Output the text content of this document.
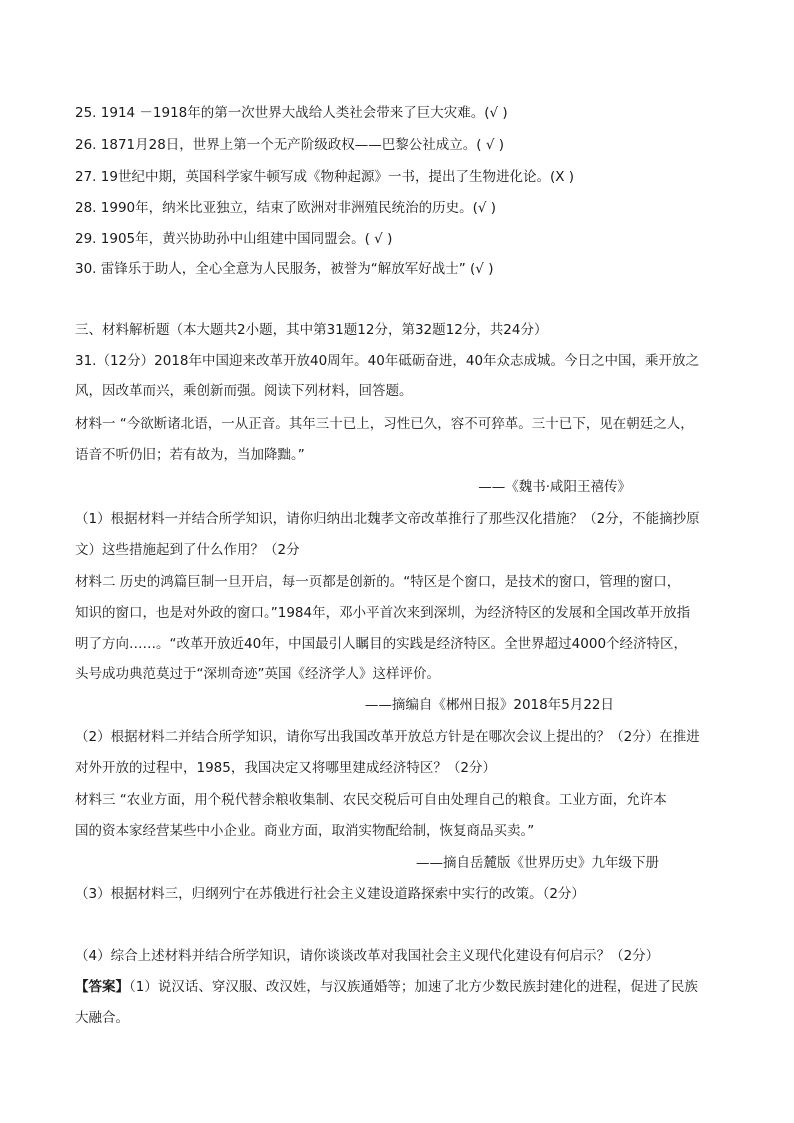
25. 1914 －1918年的第一次世界大战给人类社会带来了巨大灾难。(√ )
26. 1871月28日，世界上第一个无产阶级政权——巴黎公社成立。( √ )
27. 19世纪中期，英国科学家牛顿写成《物种起源》一书，提出了生物进化论。(X )
28. 1990年，纳米比亚独立，结束了欧洲对非洲殖民统治的历史。(√ )
29. 1905年，黄兴协助孙中山组建中国同盟会。( √ )
30. 雷锋乐于助人，全心全意为人民服务，被誉为“解放军好战士” (√ )
三、材料解析题（本大题共2小题，其中第31题12分，第32题12分，共24分）
31.（12分）2018年中国迎来改革开放40周年。40年砥砺奋进，40年众志成城。今日之中国，乘开放之
风，因改革而兴，乘创新而强。阅读下列材料，回答题。
材料一 “今欲断诸北语，一从正音。其年三十已上，习性已久，容不可猝革。三十已下，见在朝廷之人，
语音不听仍旧；若有故为，当加降黜。”
——《魏书·咸阳王禧传》
（1）根据材料一并结合所学知识，请你归纳出北魏孝文帝改革推行了那些汉化措施？（2分，不能摘抄原
文）这些措施起到了什么作用？（2分
材料二 历史的鸿篇巨制一旦开启，每一页都是创新的。“特区是个窗口，是技术的窗口，管理的窗口，
知识的窗口，也是对外政的窗口。”1984年，邓小平首次来到深圳，为经济特区的发展和全国改革开放指
明了方向……。“改革开放近40年，中国最引人瞩目的实践是经济特区。全世界超过4000个经济特区，
头号成功典范莫过于“深圳奇迹”英国《经济学人》这样评价。
——摘编自《郴州日报》2018年5月22日
（2）根据材料二并结合所学知识，请你写出我国改革开放总方针是在哪次会议上提出的？（2分）在推进
对外开放的过程中，1985，我国决定又将哪里建成经济特区？（2分）
材料三 “农业方面，用个税代替余粮收集制、农民交税后可自由处理自己的粮食。工业方面，允许本
国的资本家经营某些中小企业。商业方面，取消实物配给制，恢复商品买卖。”
——摘自岳麓版《世界历史》九年级下册
（3）根据材料三，归纲列宁在苏俄进行社会主义建设道路探索中实行的改策。（2分）
（4）综合上述材料并结合所学知识，请你谈谈改革对我国社会主义现代化建设有何启示？（2分）
【答案】（1）说汉话、穿汉服、改汉姓，与汉族通婚等；加速了北方少数民族封建化的进程，促进了民族
大融合。
